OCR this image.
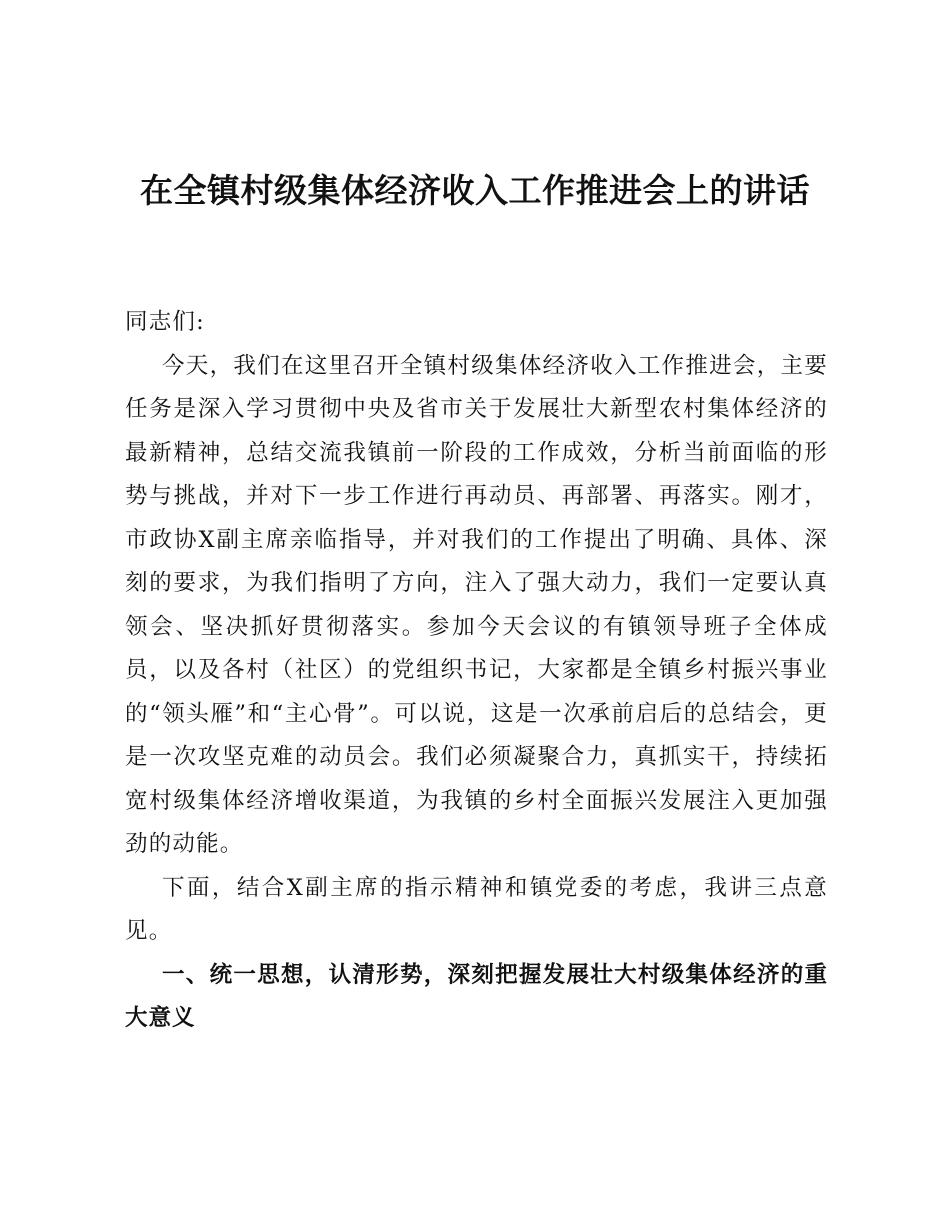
在全镇村级集体经济收入工作推进会上的讲话

同志们:

今天，我们在这里召开全镇村级集体经济收入工作推进会，主要任务是深入学习贯彻中央及省市关于发展壮大新型农村集体经济的最新精神，总结交流我镇前一阶段的工作成效，分析当前面临的形势与挑战，并对下一步工作进行再动员、再部署、再落实。刚才，市政协X副主席亲临指导，并对我们的工作提出了明确、具体、深刻的要求，为我们指明了方向，注入了强大动力，我们一定要认真领会、坚决抓好贯彻落实。参加今天会议的有镇领导班子全体成员，以及各村（社区）的党组织书记，大家都是全镇乡村振兴事业的“领头雁”和“主心骨”。可以说，这是一次承前启后的总结会，更是一次攻坚克难的动员会。我们必须凝聚合力，真抓实干，持续拓宽村级集体经济增收渠道，为我镇的乡村全面振兴发展注入更加强劲的动能。

下面，结合X副主席的指示精神和镇党委的考虑，我讲三点意见。

一、统一思想，认清形势，深刻把握发展壮大村级集体经济的重大意义
